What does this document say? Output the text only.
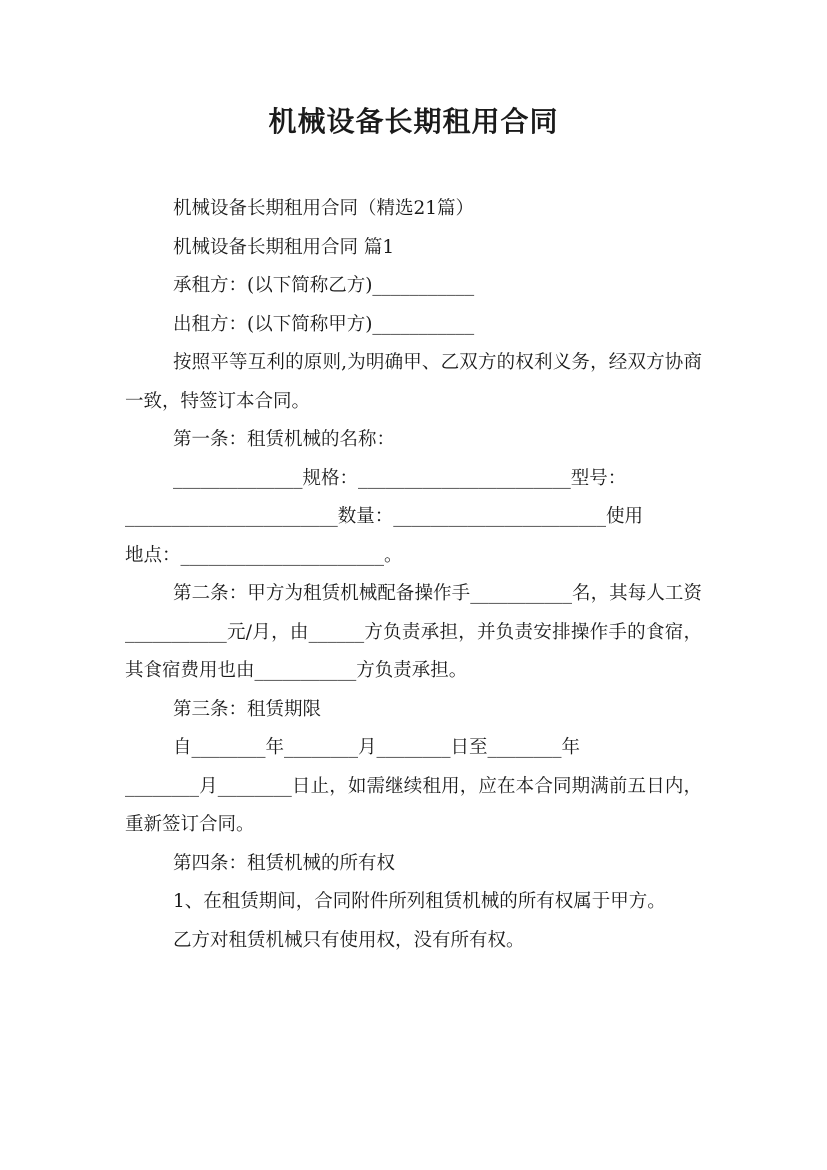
机械设备长期租用合同

机械设备长期租用合同（精选21篇）

机械设备长期租用合同 篇1

承租方：(以下简称乙方)___________

出租方：(以下简称甲方)___________

按照平等互利的原则,为明确甲、乙双方的权利义务，经双方协商一致，特签订本合同。

第一条：租赁机械的名称：

______________规格：_______________________型号：

_______________________数量：_______________________使用

地点：______________________。

第二条：甲方为租赁机械配备操作手___________名，其每人工资___________元/月，由______方负责承担，并负责安排操作手的食宿，其食宿费用也由___________方负责承担。

第三条：租赁期限

自________年________月________日至________年

________月________日止，如需继续租用，应在本合同期满前五日内，重新签订合同。

第四条：租赁机械的所有权

1、在租赁期间，合同附件所列租赁机械的所有权属于甲方。

乙方对租赁机械只有使用权，没有所有权。
